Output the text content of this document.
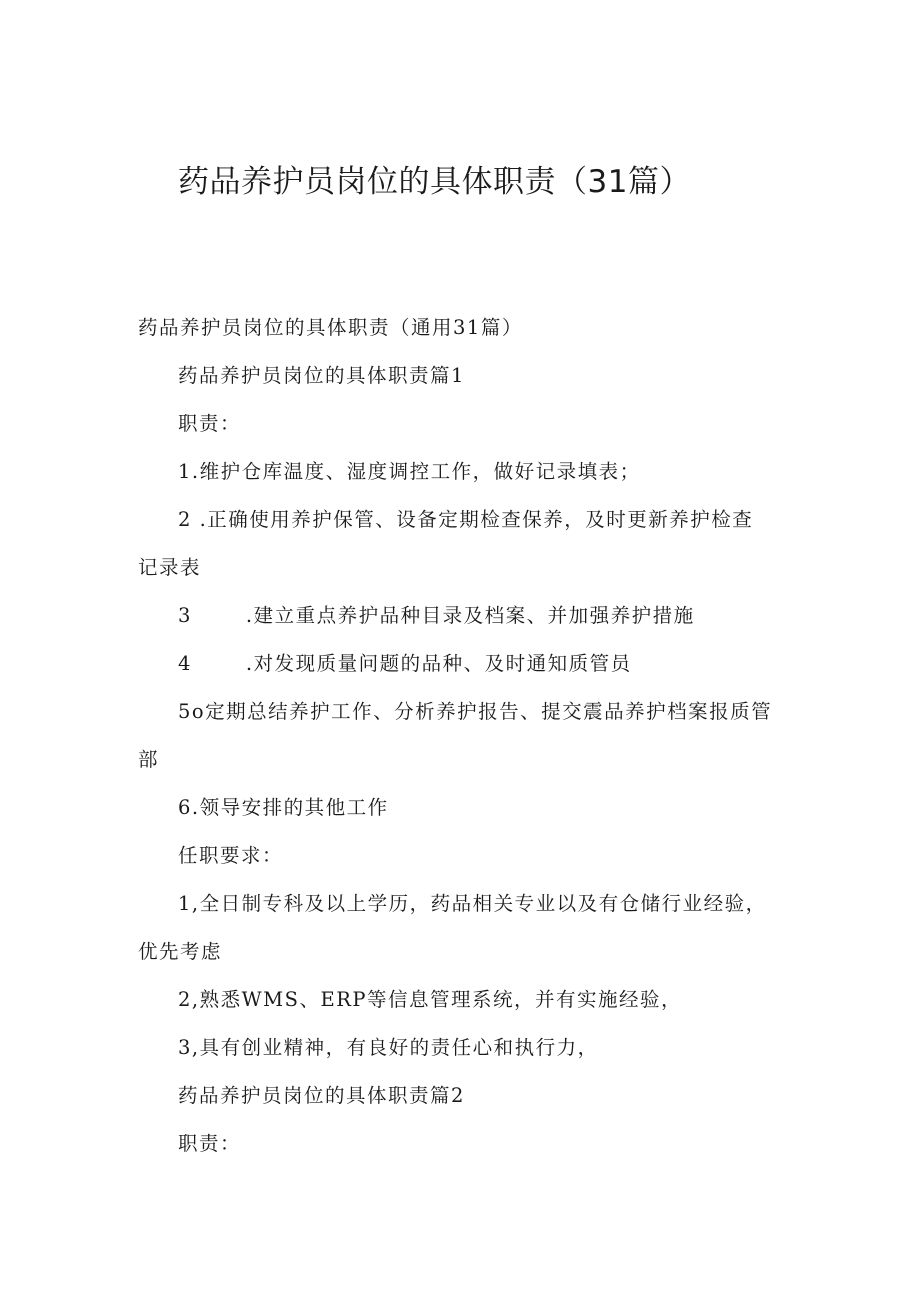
药品养护员岗位的具体职责（31篇）

药品养护员岗位的具体职责（通用31篇）

药品养护员岗位的具体职责篇1

职责：

1.维护仓库温度、湿度调控工作，做好记录填表；

2 .正确使用养护保管、设备定期检查保养，及时更新养护检查

记录表

3	.建立重点养护品种目录及档案、并加强养护措施

4	.对发现质量问题的品种、及时通知质管员

5o定期总结养护工作、分析养护报告、提交震品养护档案报质管

部

6.领导安排的其他工作

任职要求：

1,全日制专科及以上学历，药品相关专业以及有仓储行业经验，

优先考虑

2,熟悉WMS、ERP等信息管理系统，并有实施经验，

3,具有创业精神，有良好的责任心和执行力，

药品养护员岗位的具体职责篇2

职责：
